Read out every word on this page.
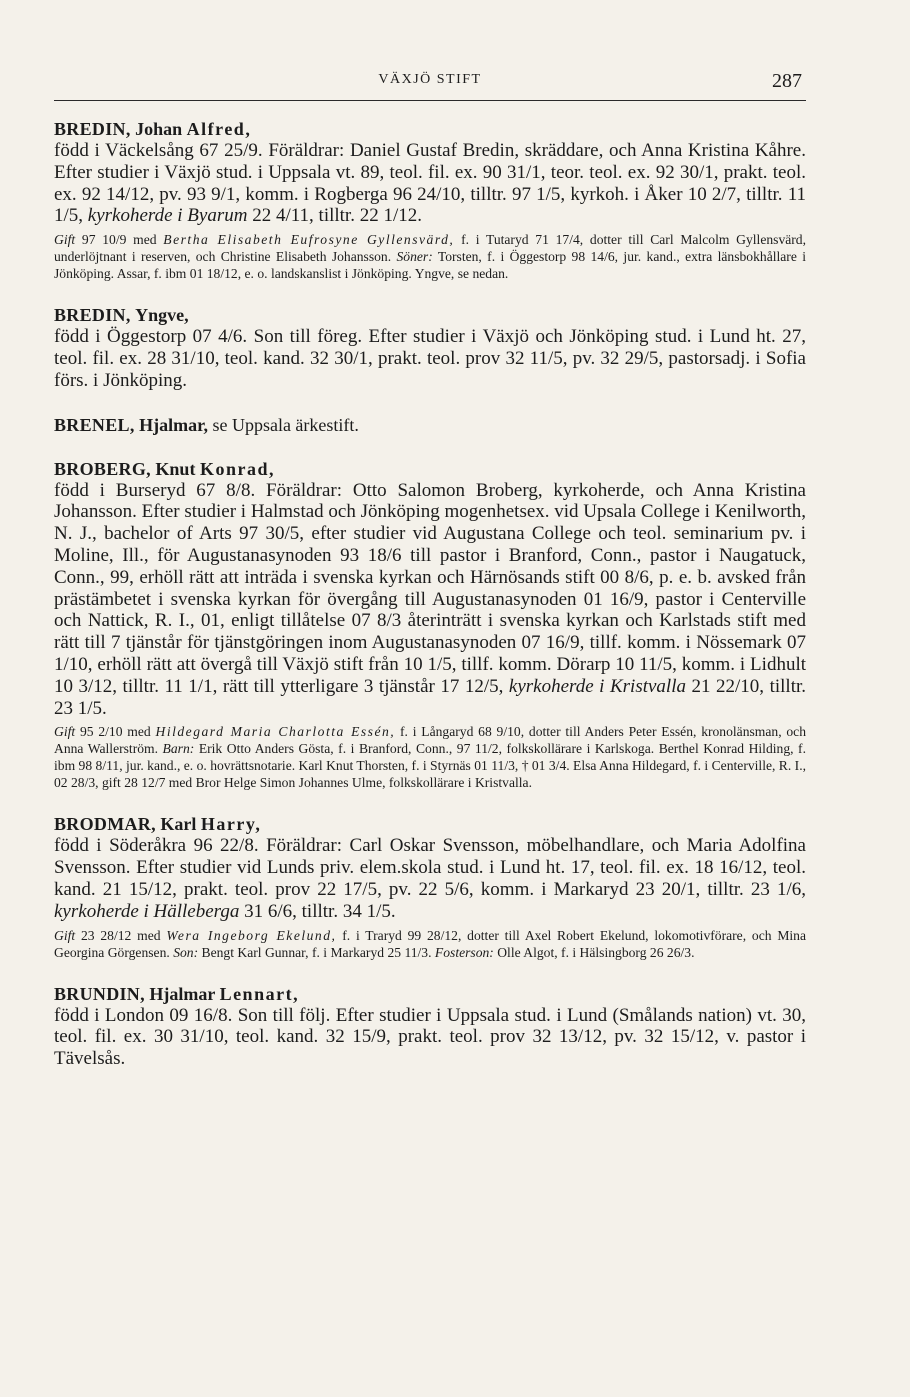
VÄXJÖ STIFT	287
BREDIN, Johan Alfred,
född i Väckelsång 67 25/9. Föräldrar: Daniel Gustaf Bredin, skräddare, och Anna Kristina Kåhre. Efter studier i Växjö stud. i Uppsala vt. 89, teol. fil. ex. 90 31/1, teor. teol. ex. 92 30/1, prakt. teol. ex. 92 14/12, pv. 93 9/1, komm. i Rogberga 96 24/10, tilltr. 97 1/5, kyrkoh. i Åker 10 2/7, tilltr. 11 1/5, kyrkoherde i Byarum 22 4/11, tilltr. 22 1/12.
Gift 97 10/9 med Bertha Elisabeth Eufrosyne Gyllensvärd, f. i Tutaryd 71 17/4, dotter till Carl Malcolm Gyllensvärd, underlöjtnant i reserven, och Christine Elisabeth Johansson. Söner: Torsten, f. i Öggestorp 98 14/6, jur. kand., extra länsbokhållare i Jönköping. Assar, f. ibm 01 18/12, e. o. landskanslist i Jönköping. Yngve, se nedan.
BREDIN, Yngve,
född i Öggestorp 07 4/6. Son till föreg. Efter studier i Växjö och Jönköping stud. i Lund ht. 27, teol. fil. ex. 28 31/10, teol. kand. 32 30/1, prakt. teol. prov 32 11/5, pv. 32 29/5, pastorsadj. i Sofia förs. i Jönköping.
BRENEL, Hjalmar, se Uppsala ärkestift.
BROBERG, Knut Konrad,
född i Burseryd 67 8/8. Föräldrar: Otto Salomon Broberg, kyrkoherde, och Anna Kristina Johansson. Efter studier i Halmstad och Jönköping mogenhetsex. vid Upsala College i Kenilworth, N. J., bachelor of Arts 97 30/5, efter studier vid Augustana College och teol. seminarium pv. i Moline, Ill., för Augustanasynoden 93 18/6 till pastor i Branford, Conn., pastor i Naugatuck, Conn., 99, erhöll rätt att inträda i svenska kyrkan och Härnösands stift 00 8/6, p. e. b. avsked från prästämbetet i svenska kyrkan för övergång till Augustanasynoden 01 16/9, pastor i Centerville och Nattick, R. I., 01, enligt tillåtelse 07 8/3 återinträtt i svenska kyrkan och Karlstads stift med rätt till 7 tjänstår för tjänstgöringen inom Augustanasynoden 07 16/9, tillf. komm. i Nössemark 07 1/10, erhöll rätt att övergå till Växjö stift från 10 1/5, tillf. komm. Dörarp 10 11/5, komm. i Lidhult 10 3/12, tilltr. 11 1/1, rätt till ytterligare 3 tjänstår 17 12/5, kyrkoherde i Kristvalla 21 22/10, tilltr. 23 1/5.
Gift 95 2/10 med Hildegard Maria Charlotta Essén, f. i Långaryd 68 9/10, dotter till Anders Peter Essén, kronolänsman, och Anna Wallerström. Barn: Erik Otto Anders Gösta, f. i Branford, Conn., 97 11/2, folkskollärare i Karlskoga. Berthel Konrad Hilding, f. ibm 98 8/11, jur. kand., e. o. hovrättsnotarie. Karl Knut Thorsten, f. i Styrnäs 01 11/3, † 01 3/4. Elsa Anna Hildegard, f. i Centerville, R. I., 02 28/3, gift 28 12/7 med Bror Helge Simon Johannes Ulme, folkskollärare i Kristvalla.
BRODMAR, Karl Harry,
född i Söderåkra 96 22/8. Föräldrar: Carl Oskar Svensson, möbelhandlare, och Maria Adolfina Svensson. Efter studier vid Lunds priv. elem.skola stud. i Lund ht. 17, teol. fil. ex. 18 16/12, teol. kand. 21 15/12, prakt. teol. prov 22 17/5, pv. 22 5/6, komm. i Markaryd 23 20/1, tilltr. 23 1/6, kyrkoherde i Hälleberga 31 6/6, tilltr. 34 1/5.
Gift 23 28/12 med Wera Ingeborg Ekelund, f. i Traryd 99 28/12, dotter till Axel Robert Ekelund, lokomotivförare, och Mina Georgina Görgensen. Son: Bengt Karl Gunnar, f. i Markaryd 25 11/3. Fosterson: Olle Algot, f. i Hälsingborg 26 26/3.
BRUNDIN, Hjalmar Lennart,
född i London 09 16/8. Son till följ. Efter studier i Uppsala stud. i Lund (Smålands nation) vt. 30, teol. fil. ex. 30 31/10, teol. kand. 32 15/9, prakt. teol. prov 32 13/12, pv. 32 15/12, v. pastor i Tävelsås.
